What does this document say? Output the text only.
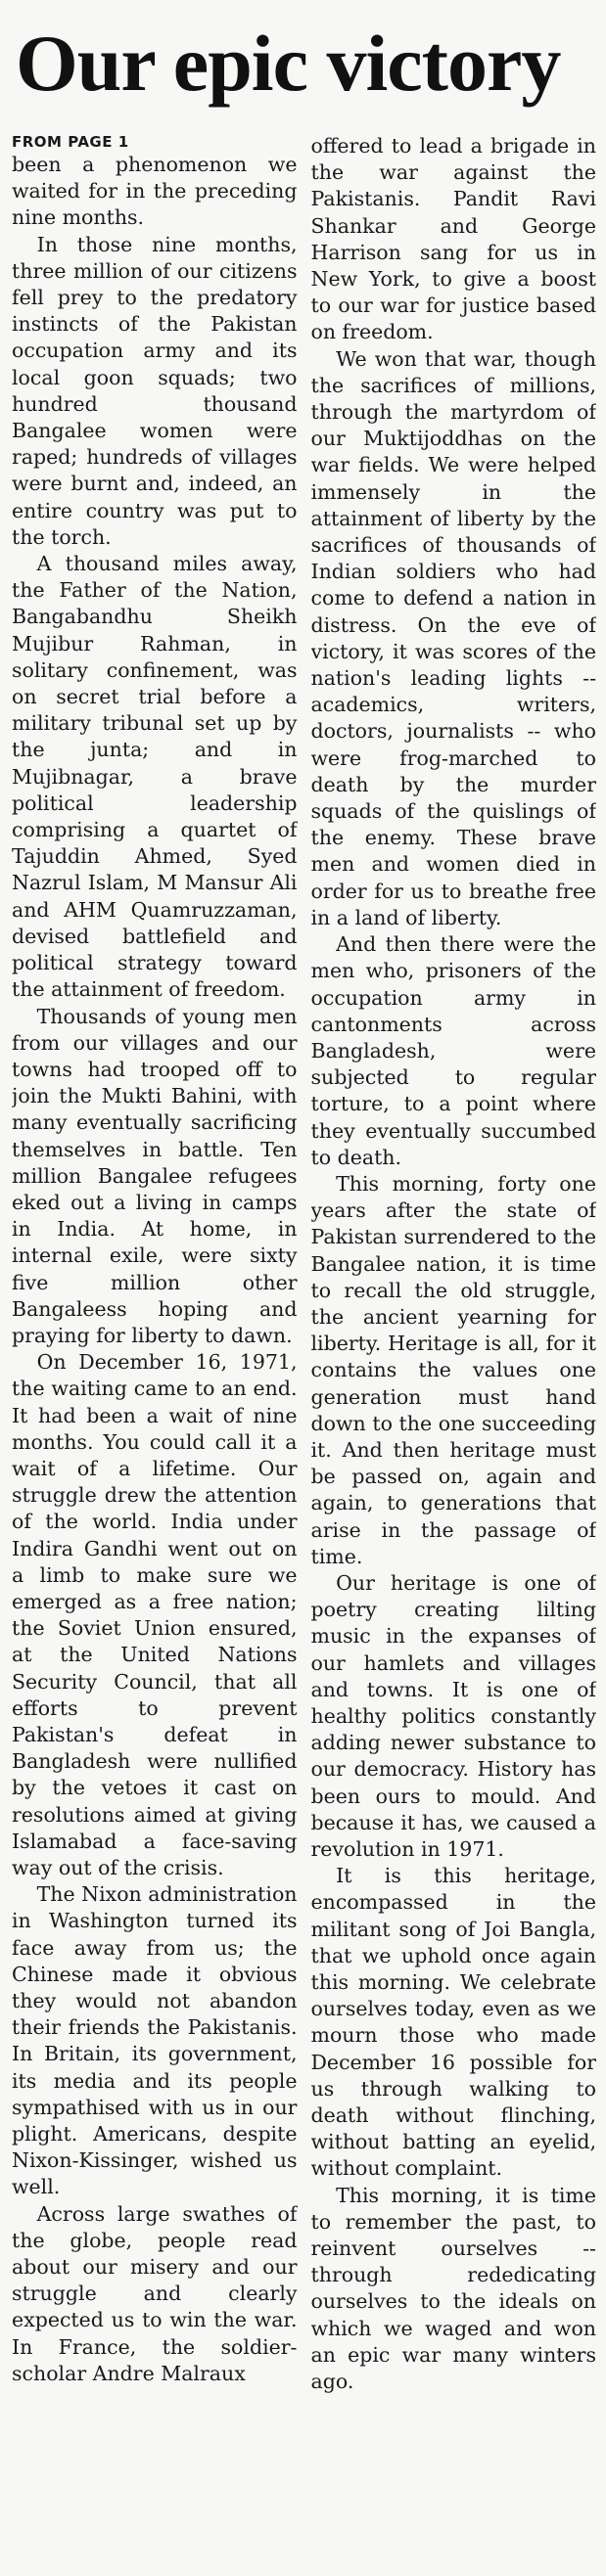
Our epic victory
FROM PAGE 1

been a phenomenon we waited for in the preceding nine months.

In those nine months, three million of our citizens fell prey to the predatory instincts of the Pakistan occupation army and its local goon squads; two hundred thousand Bangalee women were raped; hundreds of villages were burnt and, indeed, an entire country was put to the torch.

A thousand miles away, the Father of the Nation, Bangabandhu Sheikh Mujibur Rahman, in solitary confinement, was on secret trial before a military tribunal set up by the junta; and in Mujibnagar, a brave political leadership comprising a quartet of Tajuddin Ahmed, Syed Nazrul Islam, M Mansur Ali and AHM Quamruzzaman, devised battlefield and political strategy toward the attainment of freedom.

Thousands of young men from our villages and our towns had trooped off to join the Mukti Bahini, with many eventually sacrificing themselves in battle. Ten million Bangalee refugees eked out a living in camps in India. At home, in internal exile, were sixty five million other Bangaleess hoping and praying for liberty to dawn.

On December 16, 1971, the waiting came to an end. It had been a wait of nine months. You could call it a wait of a lifetime. Our struggle drew the attention of the world. India under Indira Gandhi went out on a limb to make sure we emerged as a free nation; the Soviet Union ensured, at the United Nations Security Council, that all efforts to prevent Pakistan's defeat in Bangladesh were nullified by the vetoes it cast on resolutions aimed at giving Islamabad a face-saving way out of the crisis.

The Nixon administration in Washington turned its face away from us; the Chinese made it obvious they would not abandon their friends the Pakistanis. In Britain, its government, its media and its people sympathised with us in our plight. Americans, despite Nixon-Kissinger, wished us well.

Across large swathes of the globe, people read about our misery and our struggle and clearly expected us to win the war. In France, the soldier-scholar Andre Malraux

offered to lead a brigade in the war against the Pakistanis. Pandit Ravi Shankar and George Harrison sang for us in New York, to give a boost to our war for justice based on freedom.

We won that war, though the sacrifices of millions, through the martyrdom of our Muktijoddhas on the war fields. We were helped immensely in the attainment of liberty by the sacrifices of thousands of Indian soldiers who had come to defend a nation in distress. On the eve of victory, it was scores of the nation's leading lights -- academics, writers, doctors, journalists -- who were frog-marched to death by the murder squads of the quislings of the enemy. These brave men and women died in order for us to breathe free in a land of liberty.

And then there were the men who, prisoners of the occupation army in cantonments across Bangladesh, were subjected to regular torture, to a point where they eventually succumbed to death.

This morning, forty one years after the state of Pakistan surrendered to the Bangalee nation, it is time to recall the old struggle, the ancient yearning for liberty. Heritage is all, for it contains the values one generation must hand down to the one succeeding it. And then heritage must be passed on, again and again, to generations that arise in the passage of time.

Our heritage is one of poetry creating lilting music in the expanses of our hamlets and villages and towns. It is one of healthy politics constantly adding newer substance to our democracy. History has been ours to mould. And because it has, we caused a revolution in 1971.

It is this heritage, encompassed in the militant song of Joi Bangla, that we uphold once again this morning. We celebrate ourselves today, even as we mourn those who made December 16 possible for us through walking to death without flinching, without batting an eyelid, without complaint.

This morning, it is time to remember the past, to reinvent ourselves -- through rededicating ourselves to the ideals on which we waged and won an epic war many winters ago.
